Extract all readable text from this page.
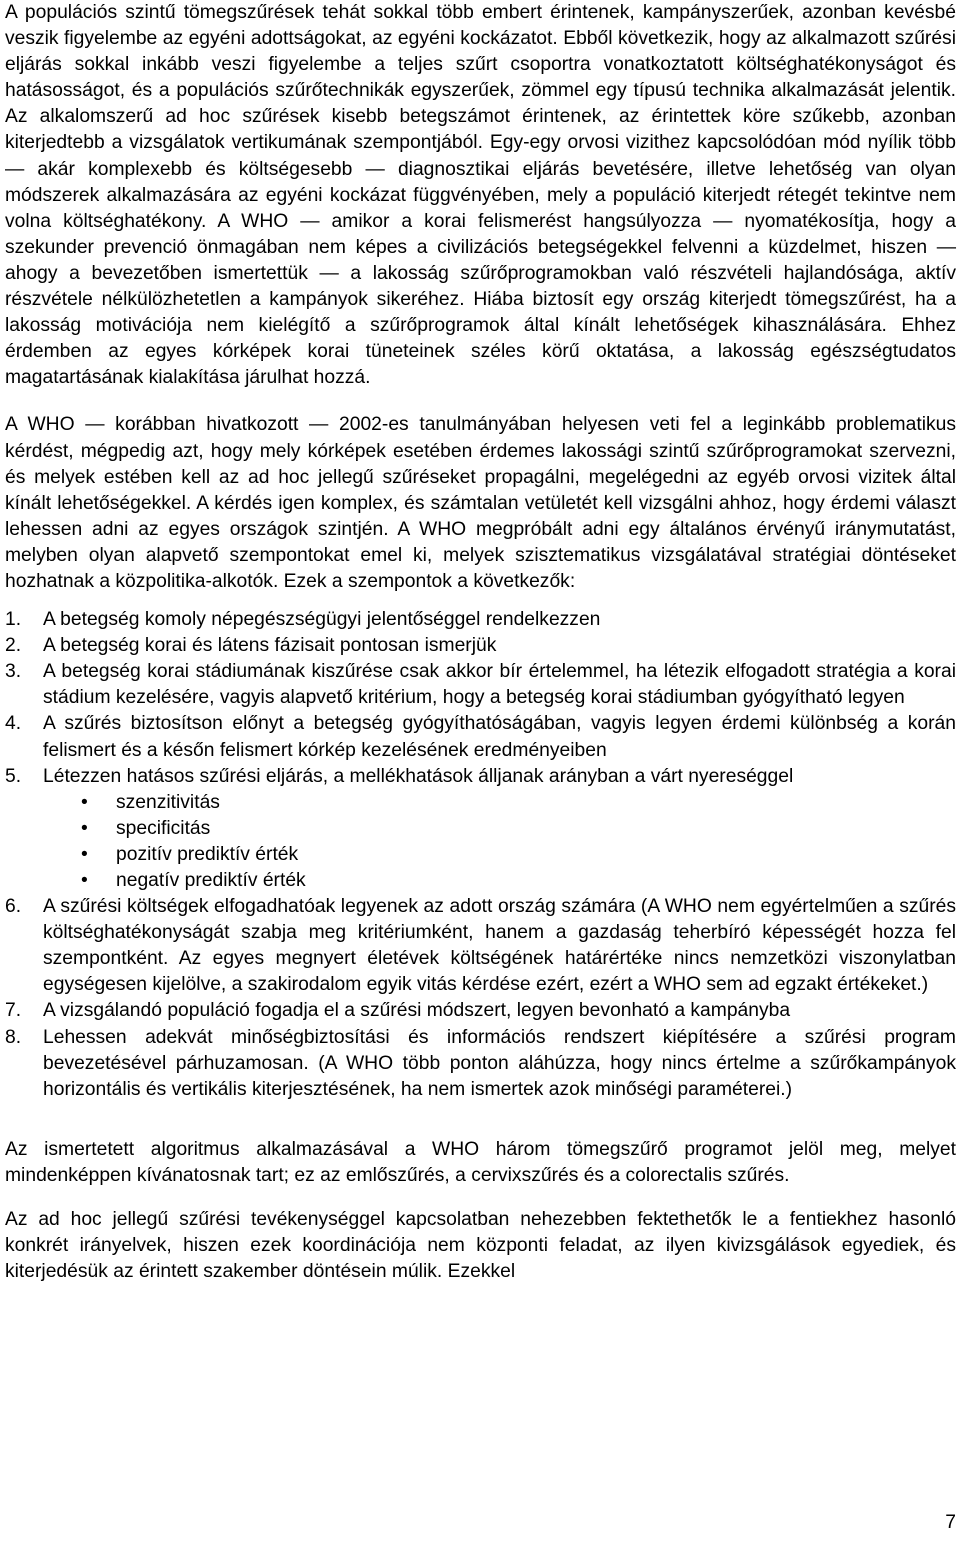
A populációs szintű tömegszűrések tehát sokkal több embert érintenek, kampányszerűek, azonban kevésbé veszik figyelembe az egyéni adottságokat, az egyéni kockázatot. Ebből következik, hogy az alkalmazott szűrési eljárás sokkal inkább veszi figyelembe a teljes szűrt csoportra vonatkoztatott költséghatékonyságot és hatásosságot, és a populációs szűrőtechnikák egyszerűek, zömmel egy típusú technika alkalmazását jelentik. Az alkalomszerű ad hoc szűrések kisebb betegszámot érintenek, az érintettek köre szűkebb, azonban kiterjedtebb a vizsgálatok vertikumának szempontjából. Egy-egy orvosi vizithez kapcsolódóan mód nyílik több — akár komplexebb és költségesebb — diagnosztikai eljárás bevetésére, illetve lehetőség van olyan módszerek alkalmazására az egyéni kockázat függvényében, mely a populáció kiterjedt rétegét tekintve nem volna költséghatékony. A WHO — amikor a korai felismerést hangsúlyozza — nyomatékosítja, hogy a szekunder prevenció önmagában nem képes a civilizációs betegségekkel felvenni a küzdelmet, hiszen — ahogy a bevezetőben ismertettük — a lakosság szűrőprogramokban való részvételi hajlandósága, aktív részvétele nélkülözhetetlen a kampányok sikeréhez. Hiába biztosít egy ország kiterjedt tömegszűrést, ha a lakosság motivációja nem kielégítő a szűrőprogramok által kínált lehetőségek kihasználására. Ehhez érdemben az egyes kórképek korai tüneteinek széles körű oktatása, a lakosság egészségtudatos magatartásának kialakítása járulhat hozzá.

A WHO — korábban hivatkozott — 2002-es tanulmányában helyesen veti fel a leginkább problematikus kérdést, mégpedig azt, hogy mely kórképek esetében érdemes lakossági szintű szűrőprogramokat szervezni, és melyek estében kell az ad hoc jellegű szűréseket propagálni, megelégedni az egyéb orvosi vizitek által kínált lehetőségekkel. A kérdés igen komplex, és számtalan vetületét kell vizsgálni ahhoz, hogy érdemi választ lehessen adni az egyes országok szintjén. A WHO megpróbált adni egy általános érvényű iránymutatást, melyben olyan alapvető szempontokat emel ki, melyek szisztematikus vizsgálatával stratégiai döntéseket hozhatnak a közpolitika-alkotók. Ezek a szempontok a következők:

1. A betegség komoly népegészségügyi jelentőséggel rendelkezzen
2. A betegség korai és látens fázisait pontosan ismerjük
3. A betegség korai stádiumának kiszűrése csak akkor bír értelemmel, ha létezik elfogadott stratégia a korai stádium kezelésére, vagyis alapvető kritérium, hogy a betegség korai stádiumban gyógyítható legyen
4. A szűrés biztosítson előnyt a betegség gyógyíthatóságában, vagyis legyen érdemi különbség a korán felismert és a későn felismert kórkép kezelésének eredményeiben
5. Létezzen hatásos szűrési eljárás, a mellékhatások álljanak arányban a várt nyereséggel
• szenzitivitás
• specificitás
• pozitív prediktív érték
• negatív prediktív érték
6. A szűrési költségek elfogadhatóak legyenek az adott ország számára (A WHO nem egyértelműen a szűrés költséghatékonyságát szabja meg kritériumként, hanem a gazdaság teherbíró képességét hozza fel szempontként. Az egyes megnyert életévek költségének határértéke nincs nemzetközi viszonylatban egységesen kijelölve, a szakirodalom egyik vitás kérdése ezért, ezért a WHO sem ad egzakt értékeket.)
7. A vizsgálandó populáció fogadja el a szűrési módszert, legyen bevonható a kampányba
8. Lehessen adekvát minőségbiztosítási és információs rendszert kiépítésére a szűrési program bevezetésével párhuzamosan. (A WHO több ponton aláhúzza, hogy nincs értelme a szűrőkampányok horizontális és vertikális kiterjesztésének, ha nem ismertek azok minőségi paraméterei.)

Az ismertetett algoritmus alkalmazásával a WHO három tömegszűrő programot jelöl meg, melyet mindenképpen kívánatosnak tart; ez az emlőszűrés, a cervixszűrés és a colorectalis szűrés.

Az ad hoc jellegű szűrési tevékenységgel kapcsolatban nehezebben fektethetők le a fentiekhez hasonló konkrét irányelvek, hiszen ezek koordinációja nem központi feladat, az ilyen kivizsgálások egyediek, és kiterjedésük az érintett szakember döntésein múlik. Ezekkel

7
